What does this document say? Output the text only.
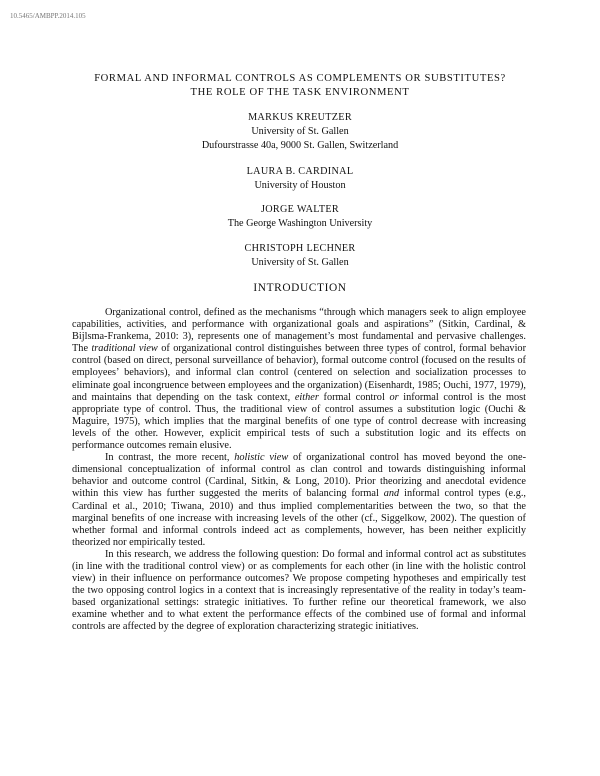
10.5465/AMBPP.2014.105
FORMAL AND INFORMAL CONTROLS AS COMPLEMENTS OR SUBSTITUTES?
THE ROLE OF THE TASK ENVIRONMENT
MARKUS KREUTZER
University of St. Gallen
Dufourstrasse 40a, 9000 St. Gallen, Switzerland
LAURA B. CARDINAL
University of Houston
JORGE WALTER
The George Washington University
CHRISTOPH LECHNER
University of St. Gallen
INTRODUCTION

Organizational control, defined as the mechanisms “through which managers seek to align employee capabilities, activities, and performance with organizational goals and aspirations” (Sitkin, Cardinal, & Bijlsma-Frankema, 2010: 3), represents one of management’s most fundamental and pervasive challenges. The traditional view of organizational control distinguishes between three types of control, formal behavior control (based on direct, personal surveillance of behavior), formal outcome control (focused on the results of employees’ behaviors), and informal clan control (centered on selection and socialization processes to eliminate goal incongruence between employees and the organization) (Eisenhardt, 1985; Ouchi, 1977, 1979), and maintains that depending on the task context, either formal control or informal control is the most appropriate type of control. Thus, the traditional view of control assumes a substitution logic (Ouchi & Maguire, 1975), which implies that the marginal benefits of one type of control decrease with increasing levels of the other. However, explicit empirical tests of such a substitution logic and its effects on performance outcomes remain elusive.

In contrast, the more recent, holistic view of organizational control has moved beyond the one-dimensional conceptualization of informal control as clan control and towards distinguishing informal behavior and outcome control (Cardinal, Sitkin, & Long, 2010). Prior theorizing and anecdotal evidence within this view has further suggested the merits of balancing formal and informal control types (e.g., Cardinal et al., 2010; Tiwana, 2010) and thus implied complementarities between the two, so that the marginal benefits of one increase with increasing levels of the other (cf., Siggelkow, 2002). The question of whether formal and informal controls indeed act as complements, however, has been neither explicitly theorized nor empirically tested.

In this research, we address the following question: Do formal and informal control act as substitutes (in line with the traditional control view) or as complements for each other (in line with the holistic control view) in their influence on performance outcomes? We propose competing hypotheses and empirically test the two opposing control logics in a context that is increasingly representative of the reality in today’s team-based organizational settings: strategic initiatives. To further refine our theoretical framework, we also examine whether and to what extent the performance effects of the combined use of formal and informal controls are affected by the degree of exploration characterizing strategic initiatives.
